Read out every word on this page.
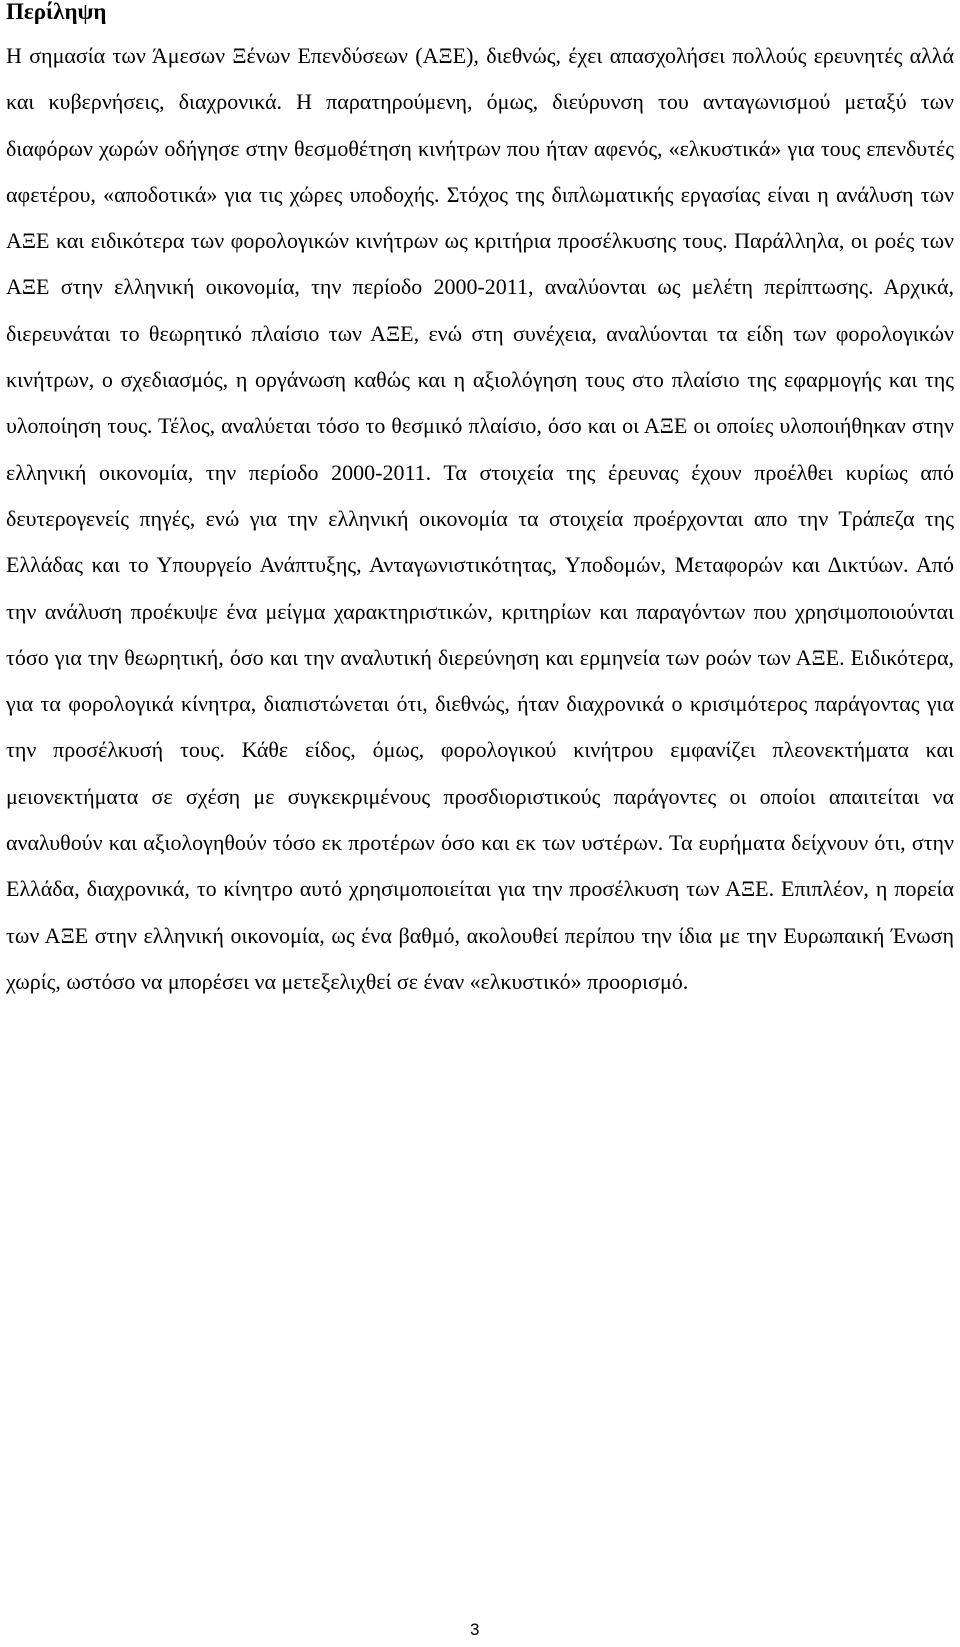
Περίληψη

Η σημασία των Άμεσων Ξένων Επενδύσεων (ΑΞΕ), διεθνώς, έχει απασχολήσει πολλούς ερευνητές αλλά και κυβερνήσεις, διαχρονικά. Η παρατηρούμενη, όμως, διεύρυνση του ανταγωνισμού μεταξύ των διαφόρων χωρών οδήγησε στην θεσμοθέτηση κινήτρων που ήταν αφενός, «ελκυστικά» για τους επενδυτές αφετέρου, «αποδοτικά» για τις χώρες υποδοχής. Στόχος της διπλωματικής εργασίας είναι η ανάλυση των ΑΞΕ και ειδικότερα των φορολογικών κινήτρων ως κριτήρια προσέλκυσης τους. Παράλληλα, οι ροές των ΑΞΕ στην ελληνική οικονομία, την περίοδο 2000-2011, αναλύονται ως μελέτη περίπτωσης. Αρχικά, διερευνάται το θεωρητικό πλαίσιο των ΑΞΕ, ενώ στη συνέχεια, αναλύονται τα είδη των φορολογικών κινήτρων, ο σχεδιασμός, η οργάνωση καθώς και η αξιολόγηση τους στο πλαίσιο της εφαρμογής και της υλοποίηση τους. Τέλος, αναλύεται τόσο το θεσμικό πλαίσιο, όσο και οι ΑΞΕ οι οποίες υλοποιήθηκαν στην ελληνική οικονομία, την περίοδο 2000-2011. Τα στοιχεία της έρευνας έχουν προέλθει κυρίως από δευτερογενείς πηγές, ενώ για την ελληνική οικονομία τα στοιχεία προέρχονται απο την Τράπεζα της Ελλάδας και το Υπουργείο Ανάπτυξης, Ανταγωνιστικότητας, Υποδομών, Μεταφορών και Δικτύων. Από την ανάλυση προέκυψε ένα μείγμα χαρακτηριστικών, κριτηρίων και παραγόντων που χρησιμοποιούνται τόσο για την θεωρητική, όσο και την αναλυτική διερεύνηση και ερμηνεία των ροών των ΑΞΕ. Ειδικότερα, για τα φορολογικά κίνητρα, διαπιστώνεται ότι, διεθνώς, ήταν διαχρονικά ο κρισιμότερος παράγοντας για την προσέλκυσή τους. Κάθε είδος, όμως, φορολογικού κινήτρου εμφανίζει πλεονεκτήματα και μειονεκτήματα σε σχέση με συγκεκριμένους προσδιοριστικούς παράγοντες οι οποίοι απαιτείται να αναλυθούν και αξιολογηθούν τόσο εκ προτέρων όσο και εκ των υστέρων. Τα ευρήματα δείχνουν ότι, στην Ελλάδα, διαχρονικά, το κίνητρο αυτό χρησιμοποιείται για την προσέλκυση των ΑΞΕ. Επιπλέον, η πορεία των ΑΞΕ στην ελληνική οικονομία, ως ένα βαθμό, ακολουθεί περίπου την ίδια με την Ευρωπαική Ένωση χωρίς, ωστόσο να μπορέσει να μετεξελιχθεί σε έναν «ελκυστικό» προορισμό.

3
